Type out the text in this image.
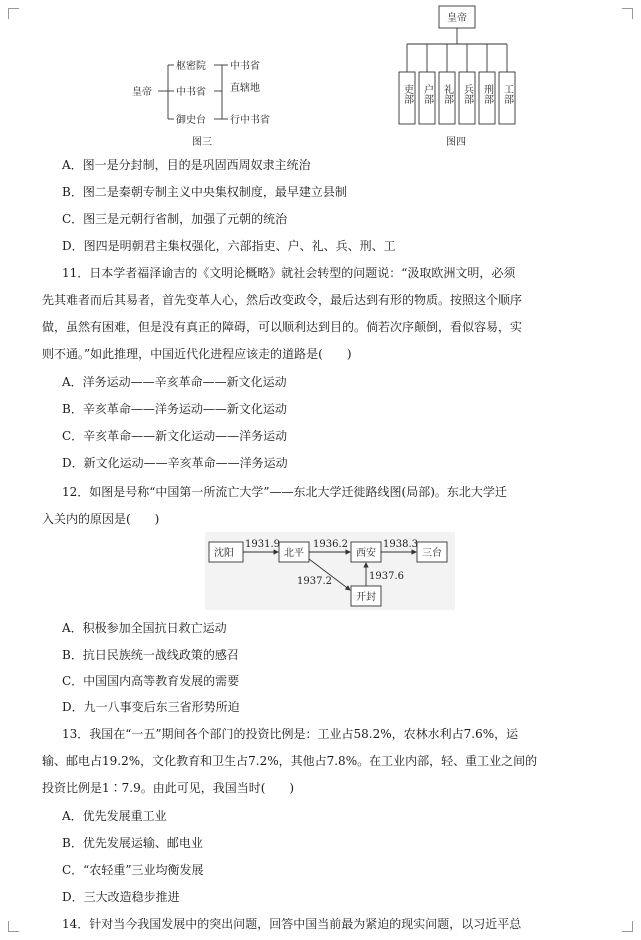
皇帝
枢密院
中书省
御史台
中书省
直辖地
行中书省
图三
皇帝
吏部 户部 礼部 兵部 刑部 工部
图四
A．图一是分封制，目的是巩固西周奴隶主统治
B．图二是秦朝专制主义中央集权制度，最早建立县制
C．图三是元朝行省制，加强了元朝的统治
D．图四是明朝君主集权强化，六部指吏、户、礼、兵、刑、工
11．日本学者福泽谕吉的《文明论概略》就社会转型的问题说：“汲取欧洲文明，必须
先其难者而后其易者，首先变革人心，然后改变政令，最后达到有形的物质。按照这个顺序
做，虽然有困难，但是没有真正的障碍，可以顺利达到目的。倘若次序颠倒，看似容易，实
则不通。”如此推理，中国近代化进程应该走的道路是(　　)
A．洋务运动——辛亥革命——新文化运动
B．辛亥革命——洋务运动——新文化运动
C．辛亥革命——新文化运动——洋务运动
D．新文化运动——辛亥革命——洋务运动
12．如图是号称“中国第一所流亡大学”——东北大学迁徙路线图(局部)。东北大学迁
入关内的原因是(　　)
沈阳	北平	西安	三台
开封
1931.9	1936.2	1938.3
1937.2	1937.6
A．积极参加全国抗日救亡运动
B．抗日民族统一战线政策的感召
C．中国国内高等教育发展的需要
D．九一八事变后东三省形势所迫
13．我国在“一五”期间各个部门的投资比例是：工业占58.2%，农林水利占7.6%，运
输、邮电占19.2%，文化教育和卫生占7.2%，其他占7.8%。在工业内部，轻、重工业之间的
投资比例是1∶7.9。由此可见，我国当时(　　)
A．优先发展重工业
B．优先发展运输、邮电业
C．“农轻重”三业均衡发展
D．三大改造稳步推进
14．针对当今我国发展中的突出问题，回答中国当前最为紧迫的现实问题，以习近平总
